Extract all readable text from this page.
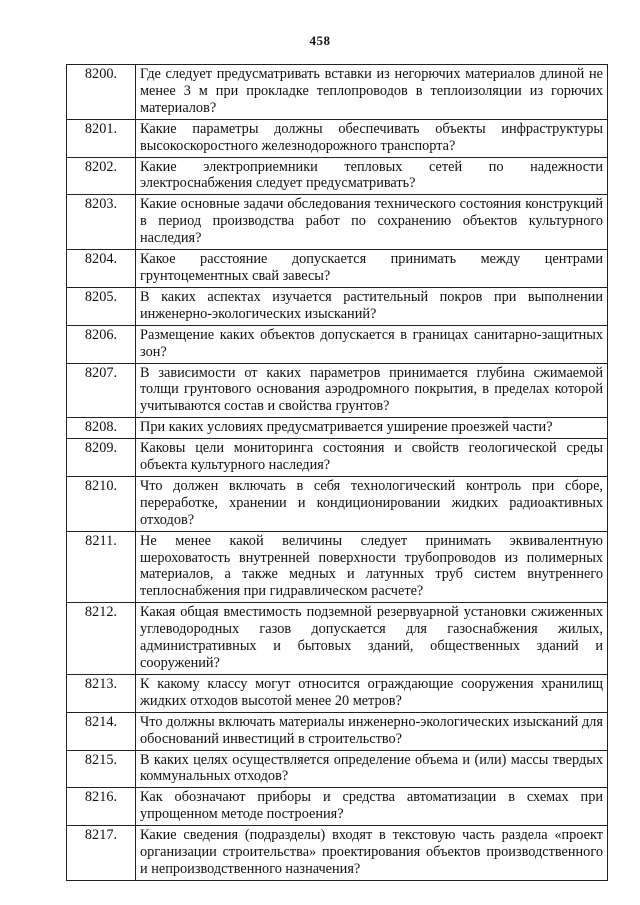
458
8200.	Где следует предусматривать вставки из негорючих материалов длиной не менее 3 м при прокладке теплопроводов в теплоизоляции из горючих материалов?
8201.	Какие параметры должны обеспечивать объекты инфраструктуры высокоскоростного железнодорожного транспорта?
8202.	Какие электроприемники тепловых сетей по надежности электроснабжения следует предусматривать?
8203.	Какие основные задачи обследования технического состояния конструкций в период производства работ по сохранению объектов культурного наследия?
8204.	Какое расстояние допускается принимать между центрами грунтоцементных свай завесы?
8205.	В каких аспектах изучается растительный покров при выполнении инженерно-экологических изысканий?
8206.	Размещение каких объектов допускается в границах санитарно-защитных зон?
8207.	В зависимости от каких параметров принимается глубина сжимаемой толщи грунтового основания аэродромного покрытия, в пределах которой учитываются состав и свойства грунтов?
8208.	При каких условиях предусматривается уширение проезжей части?
8209.	Каковы цели мониторинга состояния и свойств геологической среды объекта культурного наследия?
8210.	Что должен включать в себя технологический контроль при сборе, переработке, хранении и кондиционировании жидких радиоактивных отходов?
8211.	Не менее какой величины следует принимать эквивалентную шероховатость внутренней поверхности трубопроводов из полимерных материалов, а также медных и латунных труб систем внутреннего теплоснабжения при гидравлическом расчете?
8212.	Какая общая вместимость подземной резервуарной установки сжиженных углеводородных газов допускается для газоснабжения жилых, административных и бытовых зданий, общественных зданий и сооружений?
8213.	К какому классу могут относится ограждающие сооружения хранилищ жидких отходов высотой менее 20 метров?
8214.	Что должны включать материалы инженерно-экологических изысканий для обоснований инвестиций в строительство?
8215.	В каких целях осуществляется определение объема и (или) массы твердых коммунальных отходов?
8216.	Как обозначают приборы и средства автоматизации в схемах при упрощенном методе построения?
8217.	Какие сведения (подразделы) входят в текстовую часть раздела «проект организации строительства» проектирования объектов производственного и непроизводственного назначения?
